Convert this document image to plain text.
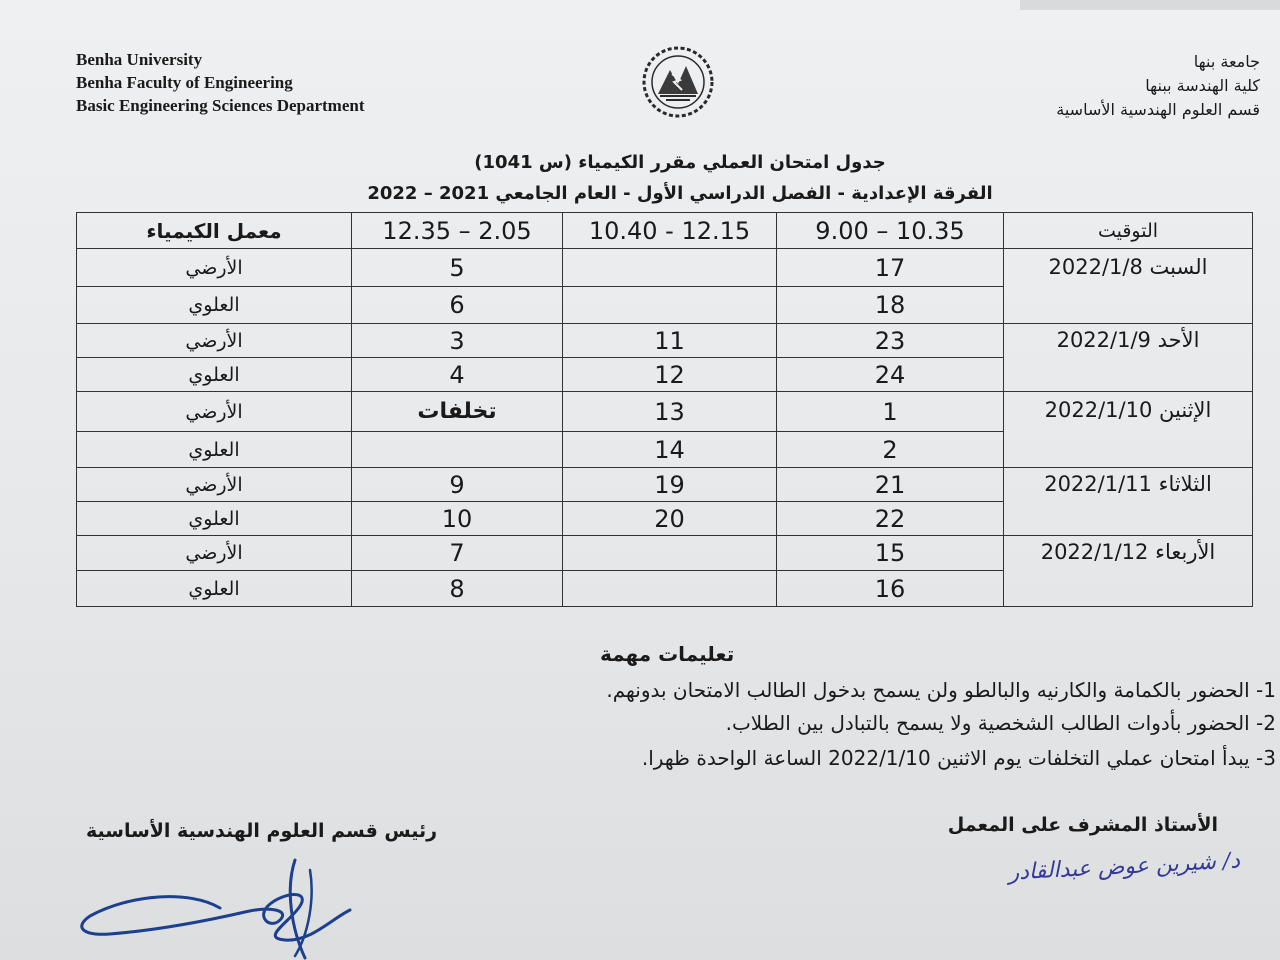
Benha University
Benha Faculty of Engineering
Basic Engineering Sciences Department
جامعة بنها
كلية الهندسة ببنها
قسم العلوم الهندسية الأساسية
جدول امتحان العملي مقرر الكيمياء (س 1041)
الفرقة الإعدادية - الفصل الدراسي الأول - العام الجامعي 2021 – 2022
معمل الكيمياء	12.35 – 2.05	10.40 - 12.15	9.00 – 10.35	التوقيت
الأرضي	5		17	السبت 2022/1/8
العلوي	6		18	
الأرضي	3	11	23	الأحد 2022/1/9
العلوي	4	12	24	
الأرضي	تخلفات	13	1	الإثنين 2022/1/10
العلوي		14	2	
الأرضي	9	19	21	الثلاثاء 2022/1/11
العلوي	10	20	22	
الأرضي	7		15	الأربعاء 2022/1/12
العلوي	8		16	
تعليمات مهمة
1- الحضور بالكمامة والكارنيه والبالطو ولن يسمح بدخول الطالب الامتحان بدونهم.
2- الحضور بأدوات الطالب الشخصية ولا يسمح بالتبادل بين الطلاب.
3- يبدأ امتحان عملي التخلفات يوم الاثنين 2022/1/10 الساعة الواحدة ظهرا.
رئيس قسم العلوم الهندسية الأساسية	الأستاذ المشرف على المعمل
د/ شيرين عوض عبدالقادر
